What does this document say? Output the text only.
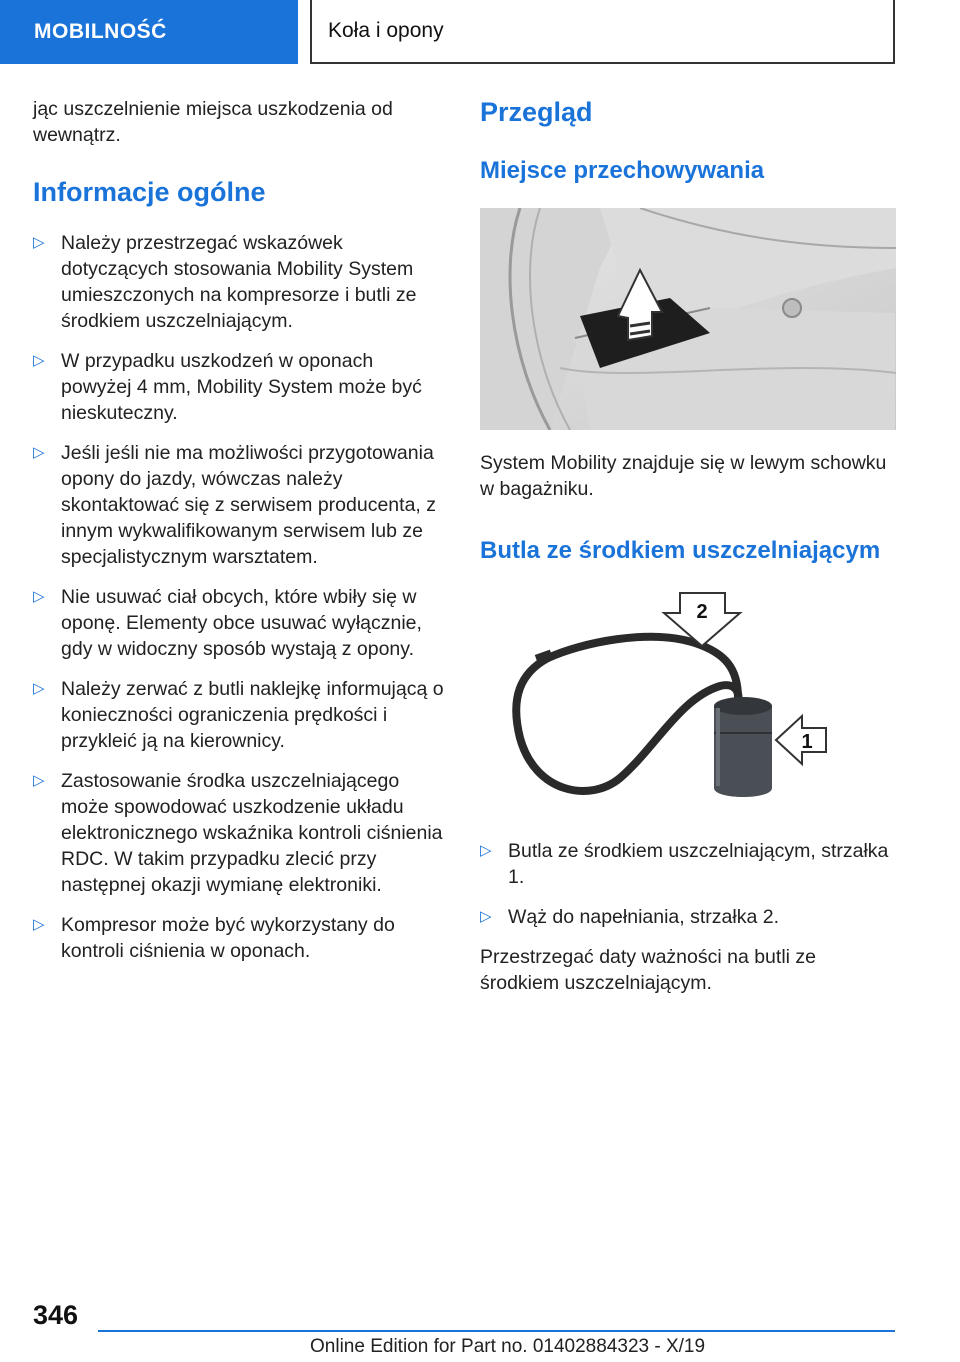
MOBILNOŚĆ	Koła i opony

jąc uszczelnienie miejsca uszkodzenia od wewnątrz.

Informacje ogólne
▷ Należy przestrzegać wskazówek dotyczących stosowania Mobility System umieszczonych na kompresorze i butli ze środkiem uszczelniającym.
▷ W przypadku uszkodzeń w oponach powyżej 4 mm, Mobility System może być nieskuteczny.
▷ Jeśli jeśli nie ma możliwości przygotowania opony do jazdy, wówczas należy skontaktować się z serwisem producenta, z innym wykwalifikowanym serwisem lub ze specjalistycznym warsztatem.
▷ Nie usuwać ciał obcych, które wbiły się w oponę. Elementy obce usuwać wyłącznie, gdy w widoczny sposób wystają z opony.
▷ Należy zerwać z butli naklejkę informującą o konieczności ograniczenia prędkości i przykleić ją na kierownicy.
▷ Zastosowanie środka uszczelniającego może spowodować uszkodzenie układu elektronicznego wskaźnika kontroli ciśnienia RDC. W takim przypadku zlecić przy następnej okazji wymianę elektroniki.
▷ Kompresor może być wykorzystany do kontroli ciśnienia w oponach.
Przegląd
Miejsce przechowywania

System Mobility znajduje się w lewym schowku w bagażniku.

Butla ze środkiem uszczelniającym
2
1
▷ Butla ze środkiem uszczelniającym, strzałka 1.
▷ Wąż do napełniania, strzałka 2.

Przestrzegać daty ważności na butli ze środkiem uszczelniającym.

346
Online Edition for Part no. 01402884323 - X/19
